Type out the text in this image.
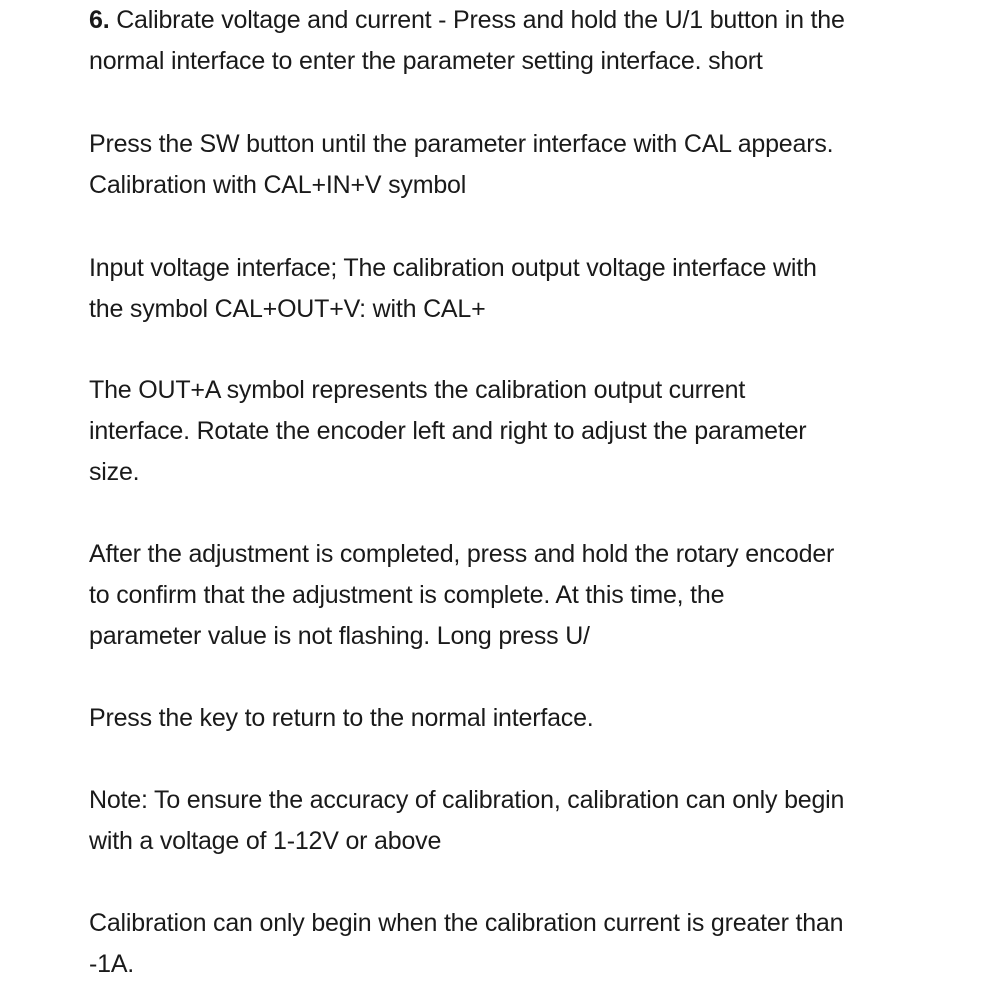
6. Calibrate voltage and current - Press and hold the U/1 button in the
normal interface to enter the parameter setting interface. short

Press the SW button until the parameter interface with CAL appears.
Calibration with CAL+IN+V symbol

Input voltage interface; The calibration output voltage interface with
the symbol CAL+OUT+V: with CAL+

The OUT+A symbol represents the calibration output current
interface. Rotate the encoder left and right to adjust the parameter
size.

After the adjustment is completed, press and hold the rotary encoder
to confirm that the adjustment is complete. At this time, the
parameter value is not flashing. Long press U/

Press the key to return to the normal interface.

Note: To ensure the accuracy of calibration, calibration can only begin
with a voltage of 1-12V or above

Calibration can only begin when the calibration current is greater than
-1A.
